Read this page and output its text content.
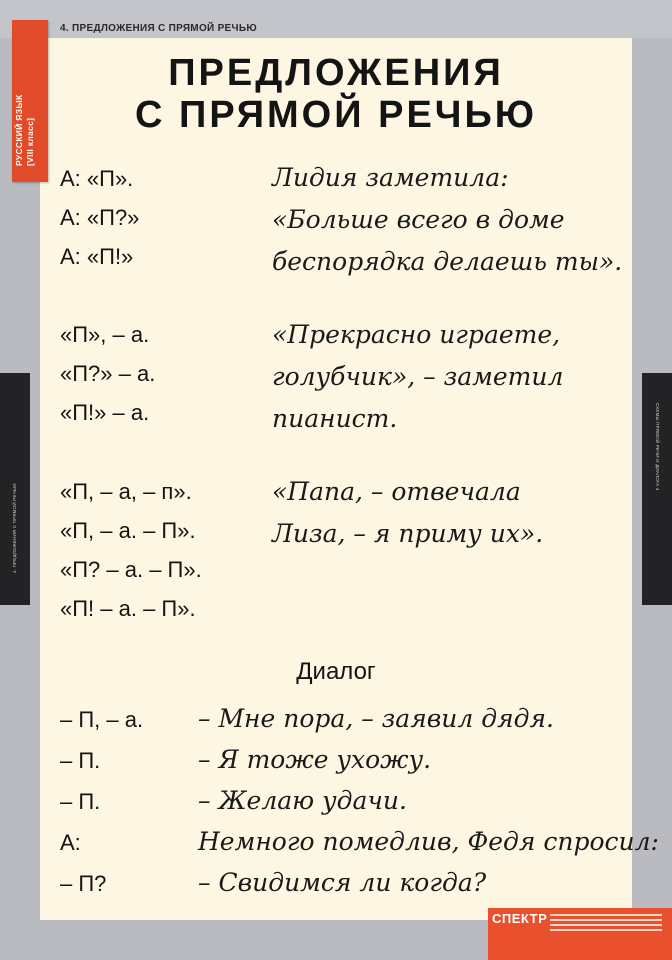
4. ПРЕДЛОЖЕНИЯ С ПРЯМОЙ РЕЧЬЮ
РУССКИЙ ЯЗЫК [VIII класс]
4. ПРЕДЛОЖЕНИЯ С ПРЯМОЙ РЕЧЬЮ
СХЕМЫ ПРЯМОЙ РЕЧИ И ДИАЛОГА 4
ПРЕДЛОЖЕНИЯ
С ПРЯМОЙ РЕЧЬЮ
А: «П».
А: «П?»
А: «П!»
Лидия заметила:
«Больше всего в доме
беспорядка делаешь ты».
«П», – а.
«П?» – а.
«П!» – а.
«Прекрасно играете,
голубчик», – заметил
пианист.
«П, – а, – п».
«П, – а. – П».
«П? – а. – П».
«П! – а. – П».
«Папа, – отвечала
Лиза, – я приму их».
Диалог
– П, – а.
– П.
– П.
А:
– П?
– Мне пора, – заявил дядя.
– Я тоже ухожу.
– Желаю удачи.
Немного помедлив, Федя спросил:
– Свидимся ли когда?
СПЕКТР
